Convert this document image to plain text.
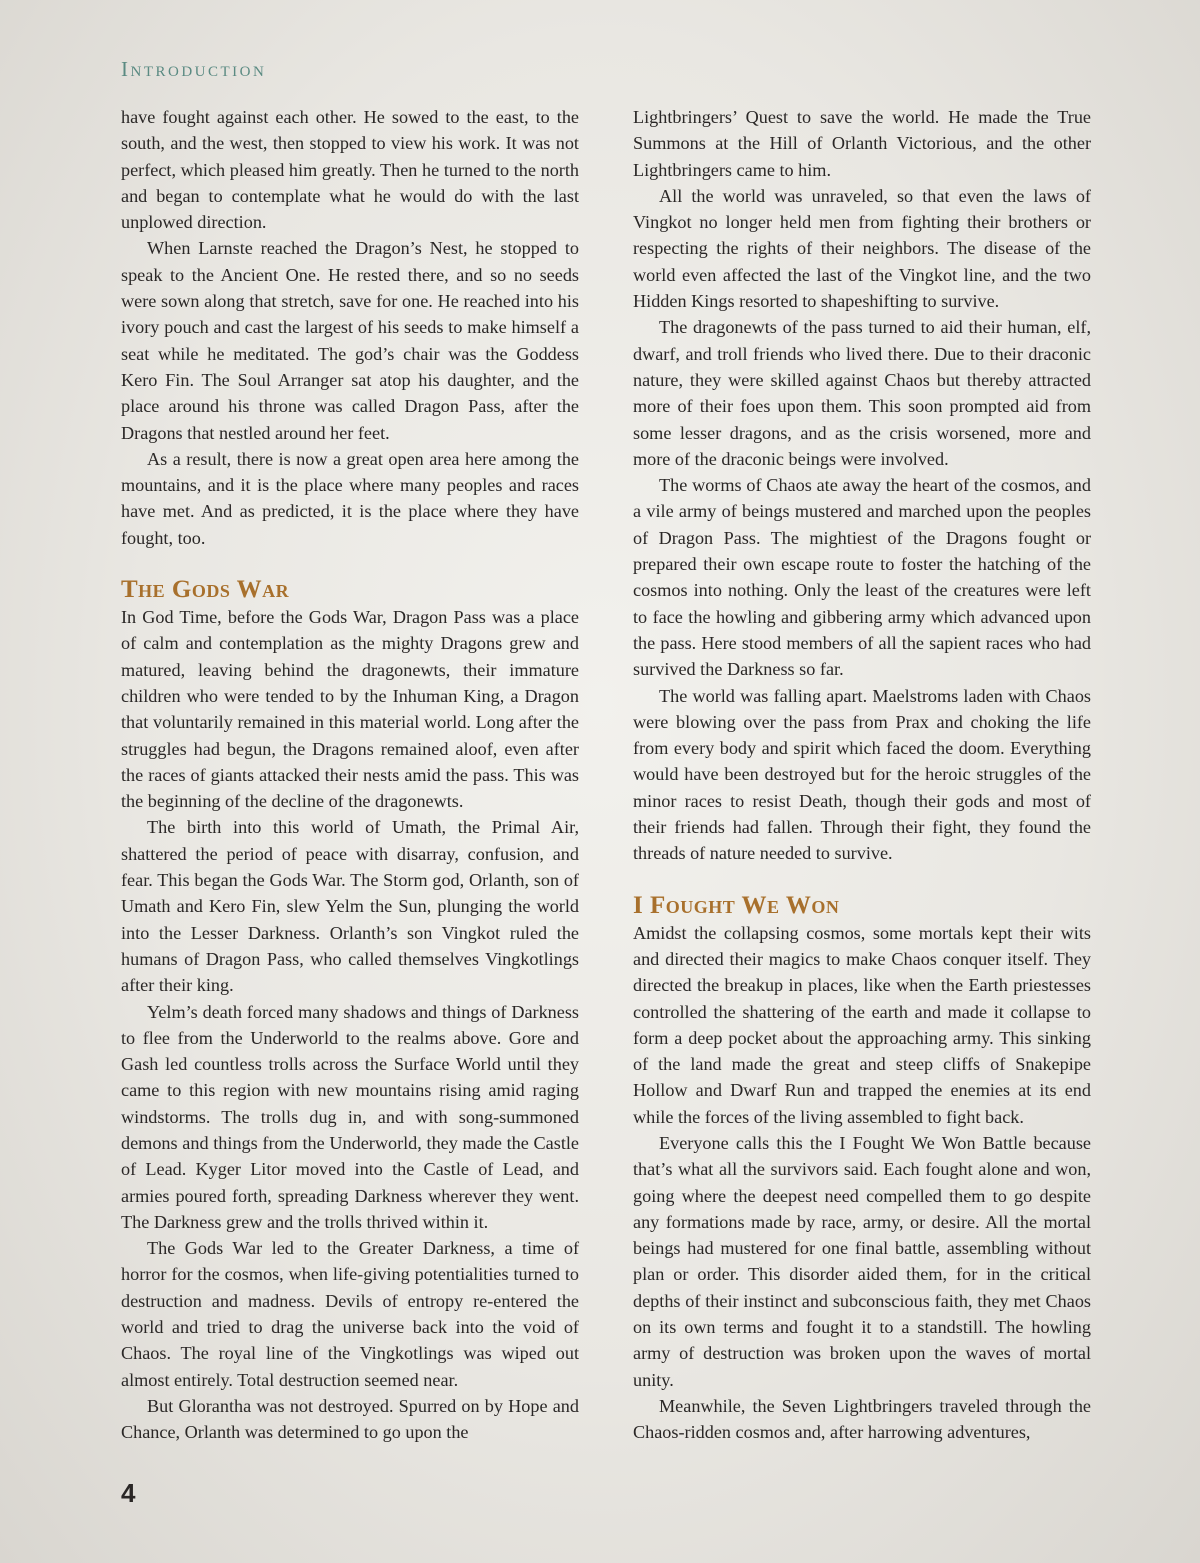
Introduction

have fought against each other. He sowed to the east, to the south, and the west, then stopped to view his work. It was not perfect, which pleased him greatly. Then he turned to the north and began to contemplate what he would do with the last unplowed direction.

When Larnste reached the Dragon’s Nest, he stopped to speak to the Ancient One. He rested there, and so no seeds were sown along that stretch, save for one. He reached into his ivory pouch and cast the largest of his seeds to make himself a seat while he meditated. The god’s chair was the Goddess Kero Fin. The Soul Arranger sat atop his daughter, and the place around his throne was called Dragon Pass, after the Dragons that nestled around her feet.

As a result, there is now a great open area here among the mountains, and it is the place where many peoples and races have met. And as predicted, it is the place where they have fought, too.

The Gods War

In God Time, before the Gods War, Dragon Pass was a place of calm and contemplation as the mighty Dragons grew and matured, leaving behind the dragonewts, their immature children who were tended to by the Inhuman King, a Dragon that voluntarily remained in this material world. Long after the struggles had begun, the Dragons remained aloof, even after the races of giants attacked their nests amid the pass. This was the beginning of the decline of the dragonewts.

The birth into this world of Umath, the Primal Air, shattered the period of peace with disarray, confusion, and fear. This began the Gods War. The Storm god, Orlanth, son of Umath and Kero Fin, slew Yelm the Sun, plunging the world into the Lesser Darkness. Orlanth’s son Vingkot ruled the humans of Dragon Pass, who called themselves Vingkotlings after their king.

Yelm’s death forced many shadows and things of Darkness to flee from the Underworld to the realms above. Gore and Gash led countless trolls across the Surface World until they came to this region with new mountains rising amid raging windstorms. The trolls dug in, and with song-summoned demons and things from the Underworld, they made the Castle of Lead. Kyger Litor moved into the Castle of Lead, and armies poured forth, spreading Darkness wherever they went. The Darkness grew and the trolls thrived within it.

The Gods War led to the Greater Darkness, a time of horror for the cosmos, when life-giving potentialities turned to destruction and madness. Devils of entropy re-entered the world and tried to drag the universe back into the void of Chaos. The royal line of the Vingkotlings was wiped out almost entirely. Total destruction seemed near.

But Glorantha was not destroyed. Spurred on by Hope and Chance, Orlanth was determined to go upon the

Lightbringers’ Quest to save the world. He made the True Summons at the Hill of Orlanth Victorious, and the other Lightbringers came to him.

All the world was unraveled, so that even the laws of Vingkot no longer held men from fighting their brothers or respecting the rights of their neighbors. The disease of the world even affected the last of the Vingkot line, and the two Hidden Kings resorted to shapeshifting to survive.

The dragonewts of the pass turned to aid their human, elf, dwarf, and troll friends who lived there. Due to their draconic nature, they were skilled against Chaos but thereby attracted more of their foes upon them. This soon prompted aid from some lesser dragons, and as the crisis worsened, more and more of the draconic beings were involved.

The worms of Chaos ate away the heart of the cosmos, and a vile army of beings mustered and marched upon the peoples of Dragon Pass. The mightiest of the Dragons fought or prepared their own escape route to foster the hatching of the cosmos into nothing. Only the least of the creatures were left to face the howling and gibbering army which advanced upon the pass. Here stood members of all the sapient races who had survived the Darkness so far.

The world was falling apart. Maelstroms laden with Chaos were blowing over the pass from Prax and choking the life from every body and spirit which faced the doom. Everything would have been destroyed but for the heroic struggles of the minor races to resist Death, though their gods and most of their friends had fallen. Through their fight, they found the threads of nature needed to survive.

I Fought We Won

Amidst the collapsing cosmos, some mortals kept their wits and directed their magics to make Chaos conquer itself. They directed the breakup in places, like when the Earth priestesses controlled the shattering of the earth and made it collapse to form a deep pocket about the approaching army. This sinking of the land made the great and steep cliffs of Snakepipe Hollow and Dwarf Run and trapped the enemies at its end while the forces of the living assembled to fight back.

Everyone calls this the I Fought We Won Battle because that’s what all the survivors said. Each fought alone and won, going where the deepest need compelled them to go despite any formations made by race, army, or desire. All the mortal beings had mustered for one final battle, assembling without plan or order. This disorder aided them, for in the critical depths of their instinct and subconscious faith, they met Chaos on its own terms and fought it to a standstill. The howling army of destruction was broken upon the waves of mortal unity.

Meanwhile, the Seven Lightbringers traveled through the Chaos-ridden cosmos and, after harrowing adventures,

4
